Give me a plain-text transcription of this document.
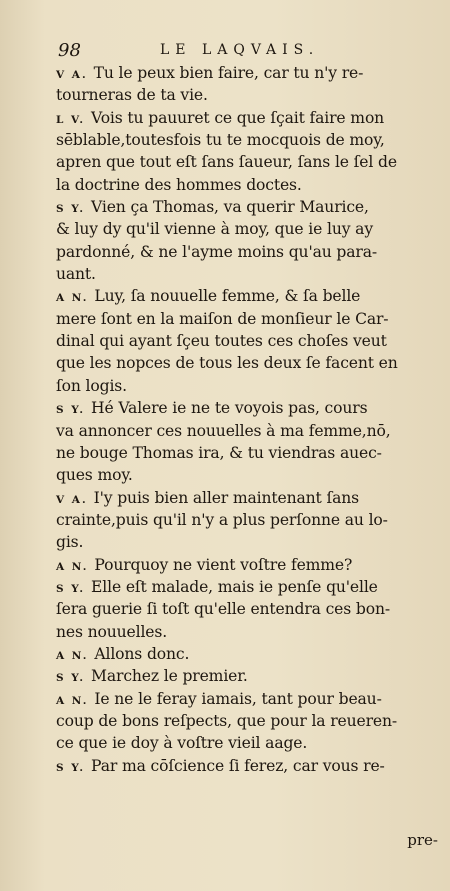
98	LE LAQVAIS.
V A. Tu le peux bien faire, car tu n'y re-
tourneras de ta vie.
L V. Vois tu pauuret ce que ſçait faire mon
sēblable,toutesfois tu te mocquois de moy,
apren que tout eſt ſans ſaueur, ſans le ſel de
la doctrine des hommes doctes.
S Y. Vien ça Thomas, va querir Maurice,
& luy dy qu'il vienne à moy, que ie luy ay
pardonné, & ne l'ayme moins qu'au para-
uant.
A N. Luy, ſa nouuelle femme, & ſa belle
mere ſont en la maiſon de monſieur le Car-
dinal qui ayant ſçeu toutes ces choſes veut
que les nopces de tous les deux ſe facent en
ſon logis.
S Y. Hé Valere ie ne te voyois pas, cours
va annoncer ces nouuelles à ma femme,nō,
ne bouge Thomas ira, & tu viendras auec-
ques moy.
V A. I'y puis bien aller maintenant ſans
crainte,puis qu'il n'y a plus perſonne au lo-
gis.
A N. Pourquoy ne vient voſtre femme?
S Y. Elle eſt malade, mais ie penſe qu'elle
ſera guerie ſi toſt qu'elle entendra ces bon-
nes nouuelles.
A N. Allons donc.
S Y. Marchez le premier.
A N. Ie ne le feray iamais, tant pour beau-
coup de bons reſpects, que pour la reueren-
ce que ie doy à voſtre vieil aage.
S Y. Par ma cōſcience ſi ferez, car vous re-
pre-
